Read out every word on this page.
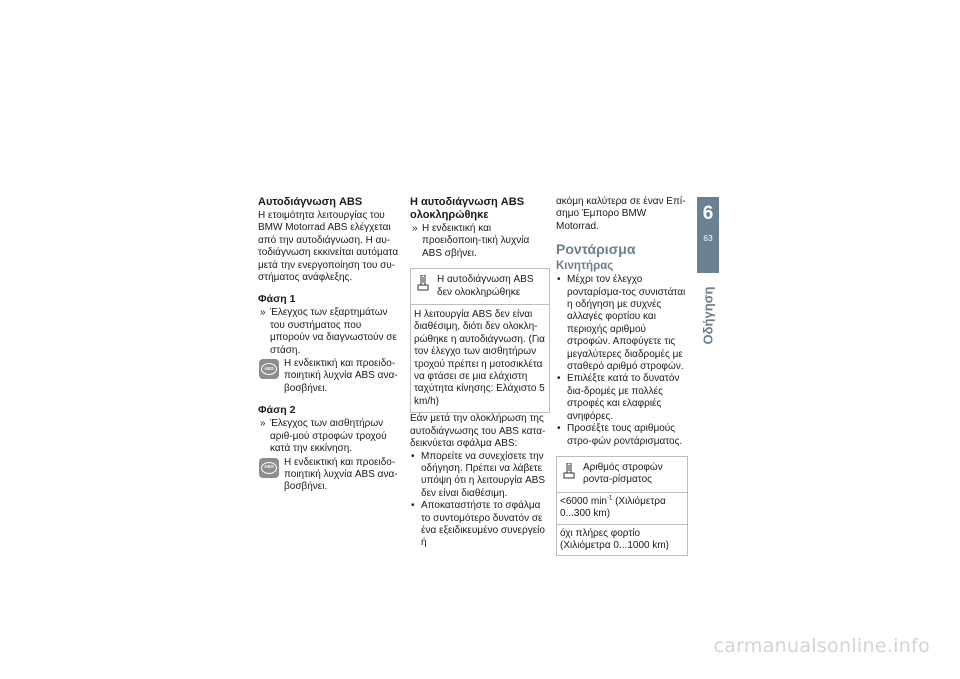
Αυτοδιάγνωση ABS

Η ετοιμότητα λειτουργίας του BMW Motorrad ABS ελέγχεται από την αυτοδιάγνωση. Η αυ-τοδιάγνωση εκκινείται αυτόματα μετά την ενεργοποίηση του συ-στήματος ανάφλεξης.

Φάση 1

» Έλεγχος των εξαρτημάτων του συστήματος που μπορούν να διαγνωστούν σε στάση.

ABS	Η ενδεικτική και προειδο-ποιητική λυχνία ABS ανα-βοσβήνει.
Φάση 2

» Έλεγχος των αισθητήρων αριθ-μού στροφών τροχού κατά την εκκίνηση.

ABS	Η ενδεικτική και προειδο-ποιητική λυχνία ABS ανα-βοσβήνει.
Η αυτοδιάγνωση ABS ολοκληρώθηκε

» Η ενδεικτική και προειδοποιη-τική λυχνία ABS σβήνει.

Η αυτοδιάγνωση ABS δεν ολοκληρώθηκε
Η λειτουργία ABS δεν είναι διαθέσιμη, διότι δεν ολοκλη-ρώθηκε η αυτοδιάγνωση. (Για τον έλεγχο των αισθητήρων τροχού πρέπει η μοτοσικλέτα να φτάσει σε μια ελάχιστη ταχύτητα κίνησης: Ελάχιστο 5 km/h)

Εάν μετά την ολοκλήρωση της αυτοδιάγνωσης του ABS κατα-δεικνύεται σφάλμα ABS:

• Μπορείτε να συνεχίσετε την οδήγηση. Πρέπει να λάβετε υπόψη ότι η λειτουργία ABS δεν είναι διαθέσιμη.

• Αποκαταστήστε το σφάλμα το συντομότερο δυνατόν σε ένα εξειδικευμένο συνεργείο ή

ακόμη καλύτερα σε έναν Επί-σημο Έμπορο BMW Motorrad.

Ροντάρισμα
Κινητήρας

• Μέχρι τον έλεγχο ρονταρίσμα-τος συνιστάται η οδήγηση με συχνές αλλαγές φορτίου και περιοχής αριθμού στροφών. Αποφύγετε τις μεγαλύτερες διαδρομές με σταθερό αριθμό στροφών.

• Επιλέξτε κατά το δυνατόν δια-δρομές με πολλές στροφές και ελαφριές ανηφόρες.

• Προσέξτε τους αριθμούς στρο-φών ροντάρισματος.

Αριθμός στροφών ροντα-ρίσματος
<6000 $\min^{-1} (X\iota\lambda\iota ό\mu\varepsilon\tau\rho\alpha$ 0...300 km)
όχι πλήρες φορτίο (Χιλιόμετρα 0...1000 km)
6
63
Οδήγηση
carmanualsonline.info
